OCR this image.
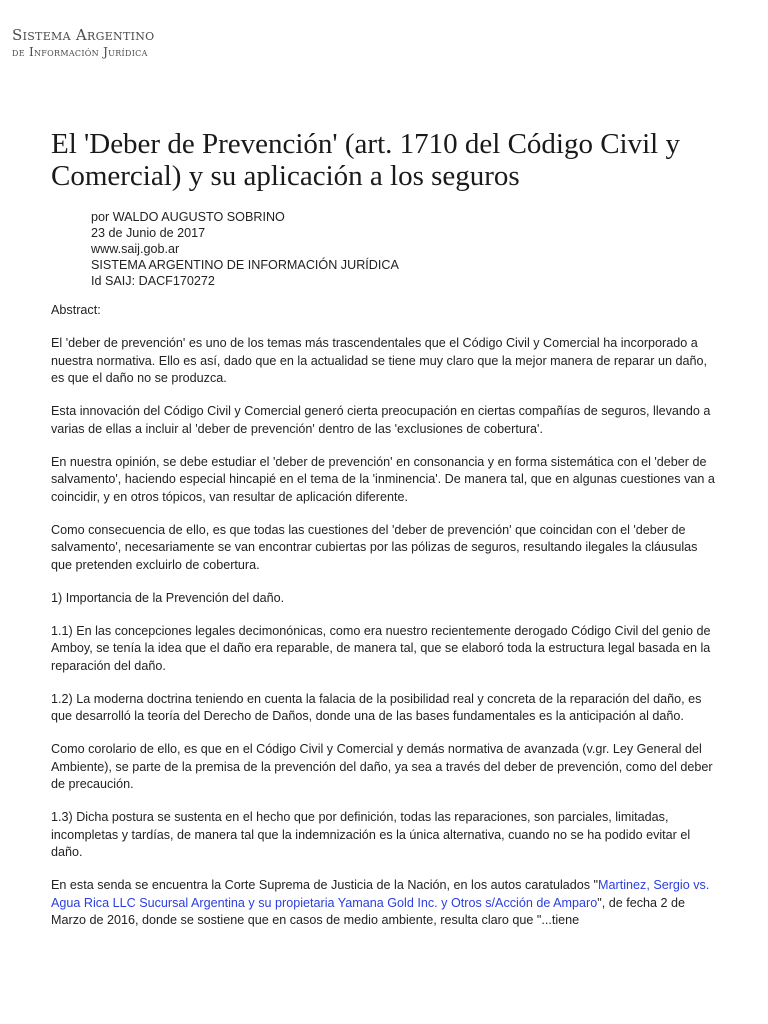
Sistema Argentino
de Información Jurídica
El 'Deber de Prevención' (art. 1710 del Código Civil y Comercial) y su aplicación a los seguros
por WALDO AUGUSTO SOBRINO
23 de Junio de 2017
www.saij.gob.ar
SISTEMA ARGENTINO DE INFORMACIÓN JURÍDICA
Id SAIJ: DACF170272

Abstract:

El 'deber de prevención' es uno de los temas más trascendentales que el Código Civil y Comercial ha incorporado a nuestra normativa. Ello es así, dado que en la actualidad se tiene muy claro que la mejor manera de reparar un daño, es que el daño no se produzca.

Esta innovación del Código Civil y Comercial generó cierta preocupación en ciertas compañías de seguros, llevando a varias de ellas a incluir al 'deber de prevención' dentro de las 'exclusiones de cobertura'.

En nuestra opinión, se debe estudiar el 'deber de prevención' en consonancia y en forma sistemática con el 'deber de salvamento', haciendo especial hincapié en el tema de la 'inminencia'. De manera tal, que en algunas cuestiones van a coincidir, y en otros tópicos, van resultar de aplicación diferente.

Como consecuencia de ello, es que todas las cuestiones del 'deber de prevención' que coincidan con el 'deber de salvamento', necesariamente se van encontrar cubiertas por las pólizas de seguros, resultando ilegales la cláusulas que pretenden excluirlo de cobertura.

1) Importancia de la Prevención del daño.

1.1) En las concepciones legales decimonónicas, como era nuestro recientemente derogado Código Civil del genio de Amboy, se tenía la idea que el daño era reparable, de manera tal, que se elaboró toda la estructura legal basada en la reparación del daño.

1.2) La moderna doctrina teniendo en cuenta la falacia de la posibilidad real y concreta de la reparación del daño, es que desarrolló la teoría del Derecho de Daños, donde una de las bases fundamentales es la anticipación al daño.

Como corolario de ello, es que en el Código Civil y Comercial y demás normativa de avanzada (v.gr. Ley General del Ambiente), se parte de la premisa de la prevención del daño, ya sea a través del deber de prevención, como del deber de precaución.

1.3) Dicha postura se sustenta en el hecho que por definición, todas las reparaciones, son parciales, limitadas, incompletas y tardías, de manera tal que la indemnización es la única alternativa, cuando no se ha podido evitar el daño.

En esta senda se encuentra la Corte Suprema de Justicia de la Nación, en los autos caratulados "Martinez, Sergio vs. Agua Rica LLC Sucursal Argentina y su propietaria Yamana Gold Inc. y Otros s/Acción de Amparo", de fecha 2 de Marzo de 2016, donde se sostiene que en casos de medio ambiente, resulta claro que "...tiene
